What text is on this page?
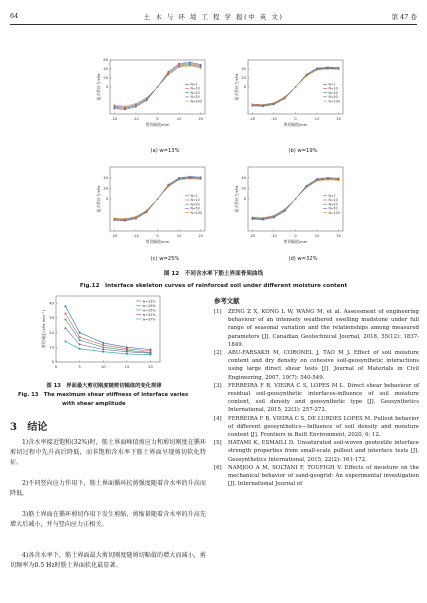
64	土 木 与 环 境 工 程 学 报(中 英 文)	第 47 卷
-20	-10	0	10	20
0
20
40
60
剪切幅值/mm
最大剪应力/kPa	N=1
N=10
N=20
N=50
N=100
-20	-10	0	10	20
0
20
40
剪切幅值/mm
最大剪应力/kPa	N=1
N=10
N=20
N=50
N=100
-20	-10	0	10	20
0
20
40
剪切幅值/mm
最大剪应力/kPa	N=1
N=10
N=20
N=50
N=100
-20	-10	0	10	20
0
20
40
剪切幅值/mm
最大剪应力/kPa	N=1
N=10
N=20
N=50
N=100
(a) w=13%	(b) w=19%
(c) w=25%	(d) w=32%
图 12　不同含水率下筋土界面骨架曲线
Fig.12　Interface skeleton curves of reinforced soil under different moisture content
0	5	10	15	20
0
10
20
30
40
剪切刚度/(kPa·mm⁻¹)
w=13%
w=19%
w=25%
w=32%
w=37%
图 13　界面最大剪切刚度随剪切幅值的变化规律
Fig. 13　The maximum shear stiffness of interface varies
with shear amplitude
3 结论
1)含水率接近饱和(32%)时，筋土界面峰值剪应力和剪切刚度在循环剪切过程中先升高后降低，而非饱和含水率下筋土界面呈现剪切软化特征。
2)不同竖向应力作用下，筋土界面循环抗剪强度随着含水率的升高而降低。
3)筋土界面在循环剪切作用下发生剪缩，剪缩量随着含水率的升高先增大后减小，并与竖向应力正相关。
4)各含水率下，筋土界面最大剪切刚度随剪切幅值的增大而减小，剪切频率为0.5 Hz时筋土界面软化最显著。
参考文献
[1] ZENG Z X, KONG L W, WANG M, et al. Assessment of engineering behaviour of an intensely weathered swelling mudstone under full range of seasonal variation and the relationships among measured parameters [J]. Canadian Geotechnical Journal, 2018, 55(12): 1837-1849.
[2] ABU-FARSAKH M, CORONEL J, TAO M J. Effect of soil moisture content and dry density on cohesive soil-geosynthetic interactions using large direct shear tests [J]. Journal of Materials in Civil Engineering, 2007, 19(7): 540-549.
[3] FERREIRA F B, VIEIRA C S, LOPES M L. Direct shear behaviour of residual soil-geosynthetic interfaces-influence of soil moisture content, soil density and geosynthetic type [J]. Geosynthetics International, 2015, 22(3): 257-272.
[4] FERREIRA F B, VIEIRA C S, DE LURDES LOPES M. Pullout behavior of different geosynthetics—Influence of soil density and moisture content [J]. Frontiers in Built Environment, 2020, 6: 12.
[5] HATAMI K, ESMAILI D. Unsaturated soil-woven geotextile interface strength properties from small-scale pullout and interface tests [J]. Geosynthetics International, 2015, 22(2): 161-172.
[6] NAMJOO A M, SOLTANI F, TOUFIGH V. Effects of moisture on the mechanical behavior of sand-geogrid: An experimental investigation [J]. International Journal of
